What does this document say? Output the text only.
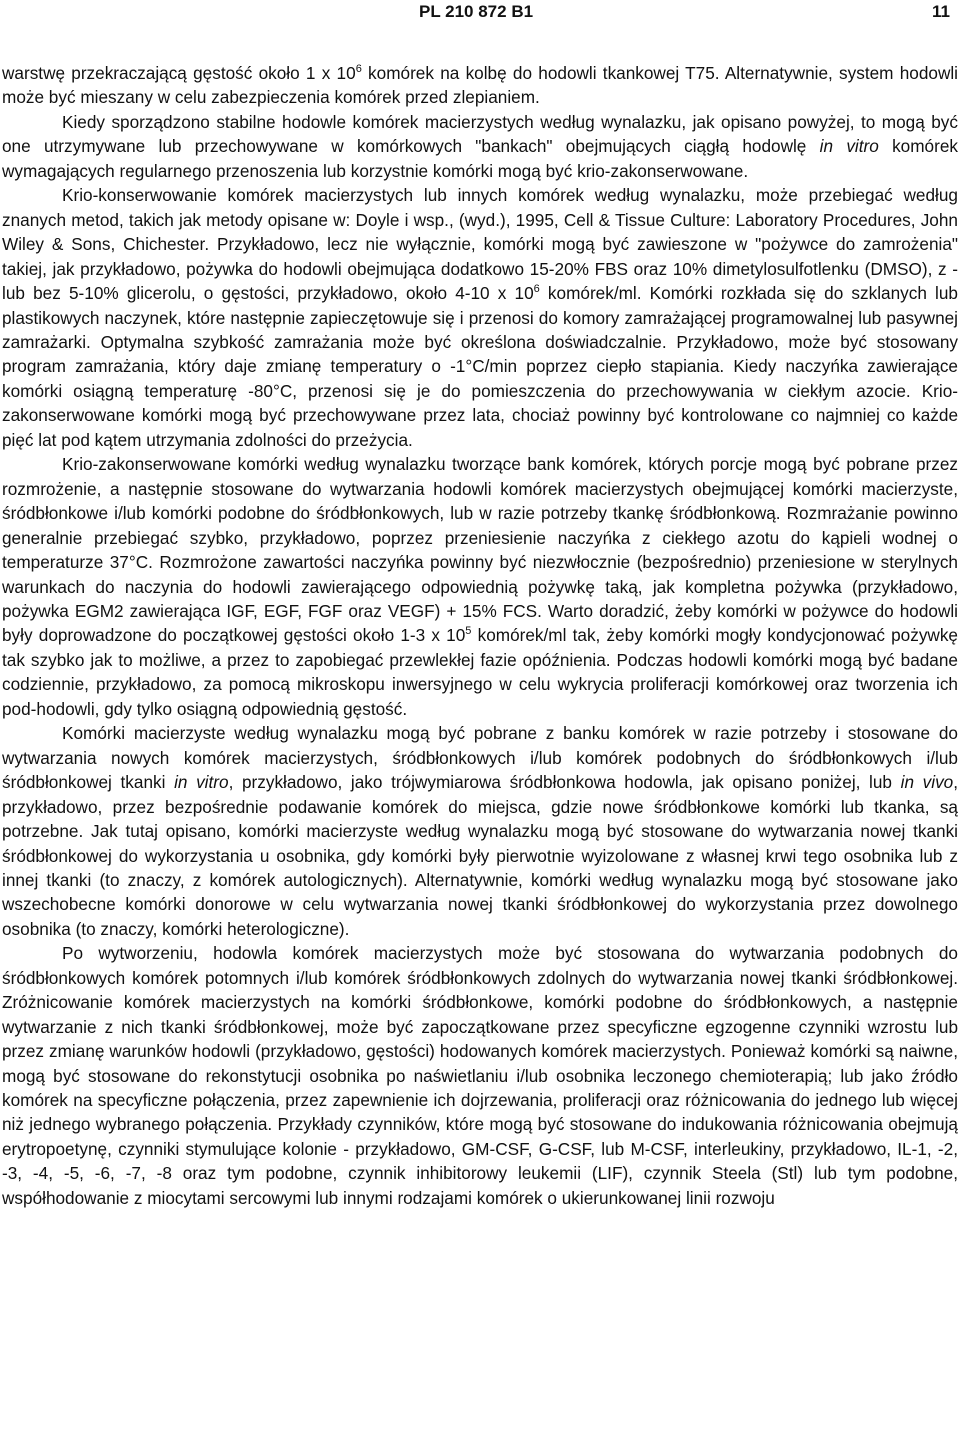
PL 210 872 B1	11

warstwę przekraczającą gęstość około 1 x $10^6$ komórek na kolbę do hodowli tkankowej T75. Alternatywnie, system hodowli może być mieszany w celu zabezpieczenia komórek przed zlepianiem.

Kiedy sporządzono stabilne hodowle komórek macierzystych według wynalazku, jak opisano powyżej, to mogą być one utrzymywane lub przechowywane w komórkowych "bankach" obejmujących ciągłą hodowlę in vitro komórek wymagających regularnego przenoszenia lub korzystnie komórki mogą być krio-zakonserwowane.

Krio-konserwowanie komórek macierzystych lub innych komórek według wynalazku, może przebiegać według znanych metod, takich jak metody opisane w: Doyle i wsp., (wyd.), 1995, Cell & Tissue Culture: Laboratory Procedures, John Wiley & Sons, Chichester. Przykładowo, lecz nie wyłącznie, komórki mogą być zawieszone w "pożywce do zamrożenia" takiej, jak przykładowo, pożywka do hodowli obejmująca dodatkowo 15-20% FBS oraz 10% dimetylosulfotlenku (DMSO), z - lub bez 5-10% glicerolu, o gęstości, przykładowo, około 4-10 x $10^6$ komórek/ml. Komórki rozkłada się do szklanych lub plastikowych naczynek, które następnie zapieczętowuje się i przenosi do komory zamrażającej programowalnej lub pasywnej zamrażarki. Optymalna szybkość zamrażania może być określona doświadczalnie. Przykładowo, może być stosowany program zamrażania, który daje zmianę temperatury o -1°C/min poprzez ciepło stapiania. Kiedy naczyńka zawierające komórki osiągną temperaturę -80°C, przenosi się je do pomieszczenia do przechowywania w ciekłym azocie. Krio-zakonserwowane komórki mogą być przechowywane przez lata, chociaż powinny być kontrolowane co najmniej co każde pięć lat pod kątem utrzymania zdolności do przeżycia.

Krio-zakonserwowane komórki według wynalazku tworzące bank komórek, których porcje mogą być pobrane przez rozmrożenie, a następnie stosowane do wytwarzania hodowli komórek macierzystych obejmującej komórki macierzyste, śródbłonkowe i/lub komórki podobne do śródbłonkowych, lub w razie potrzeby tkankę śródbłonkową. Rozmrażanie powinno generalnie przebiegać szybko, przykładowo, poprzez przeniesienie naczyńka z ciekłego azotu do kąpieli wodnej o temperaturze 37°C. Rozmrożone zawartości naczyńka powinny być niezwłocznie (bezpośrednio) przeniesione w sterylnych warunkach do naczynia do hodowli zawierającego odpowiednią pożywkę taką, jak kompletna pożywka (przykładowo, pożywka EGM2 zawierająca IGF, EGF, FGF oraz VEGF) + 15% FCS. Warto doradzić, żeby komórki w pożywce do hodowli były doprowadzone do początkowej gęstości około 1-3 x $10^5$ komórek/ml tak, żeby komórki mogły kondycjonować pożywkę tak szybko jak to możliwe, a przez to zapobiegać przewlekłej fazie opóźnienia. Podczas hodowli komórki mogą być badane codziennie, przykładowo, za pomocą mikroskopu inwersyjnego w celu wykrycia proliferacji komórkowej oraz tworzenia ich pod-hodowli, gdy tylko osiągną odpowiednią gęstość.

Komórki macierzyste według wynalazku mogą być pobrane z banku komórek w razie potrzeby i stosowane do wytwarzania nowych komórek macierzystych, śródbłonkowych i/lub komórek podobnych do śródbłonkowych i/lub śródbłonkowej tkanki in vitro, przykładowo, jako trójwymiarowa śródbłonkowa hodowla, jak opisano poniżej, lub in vivo, przykładowo, przez bezpośrednie podawanie komórek do miejsca, gdzie nowe śródbłonkowe komórki lub tkanka, są potrzebne. Jak tutaj opisano, komórki macierzyste według wynalazku mogą być stosowane do wytwarzania nowej tkanki śródbłonkowej do wykorzystania u osobnika, gdy komórki były pierwotnie wyizolowane z własnej krwi tego osobnika lub z innej tkanki (to znaczy, z komórek autologicznych). Alternatywnie, komórki według wynalazku mogą być stosowane jako wszechobecne komórki donorowe w celu wytwarzania nowej tkanki śródbłonkowej do wykorzystania przez dowolnego osobnika (to znaczy, komórki heterologiczne).

Po wytworzeniu, hodowla komórek macierzystych może być stosowana do wytwarzania podobnych do śródbłonkowych komórek potomnych i/lub komórek śródbłonkowych zdolnych do wytwarzania nowej tkanki śródbłonkowej. Zróżnicowanie komórek macierzystych na komórki śródbłonkowe, komórki podobne do śródbłonkowych, a następnie wytwarzanie z nich tkanki śródbłonkowej, może być zapoczątkowane przez specyficzne egzogenne czynniki wzrostu lub przez zmianę warunków hodowli (przykładowo, gęstości) hodowanych komórek macierzystych. Ponieważ komórki są naiwne, mogą być stosowane do rekonstytucji osobnika po naświetlaniu i/lub osobnika leczonego chemioterapią; lub jako źródło komórek na specyficzne połączenia, przez zapewnienie ich dojrzewania, proliferacji oraz różnicowania do jednego lub więcej niż jednego wybranego połączenia. Przykłady czynników, które mogą być stosowane do indukowania różnicowania obejmują erytropoetynę, czynniki stymulujące kolonie - przykładowo, GM-CSF, G-CSF, lub M-CSF, interleukiny, przykładowo, IL-1, -2, -3, -4, -5, -6, -7, -8 oraz tym podobne, czynnik inhibitorowy leukemii (LIF), czynnik Steela (Stl) lub tym podobne, współhodowanie z miocytami sercowymi lub innymi rodzajami komórek o ukierunkowanej linii rozwoju
